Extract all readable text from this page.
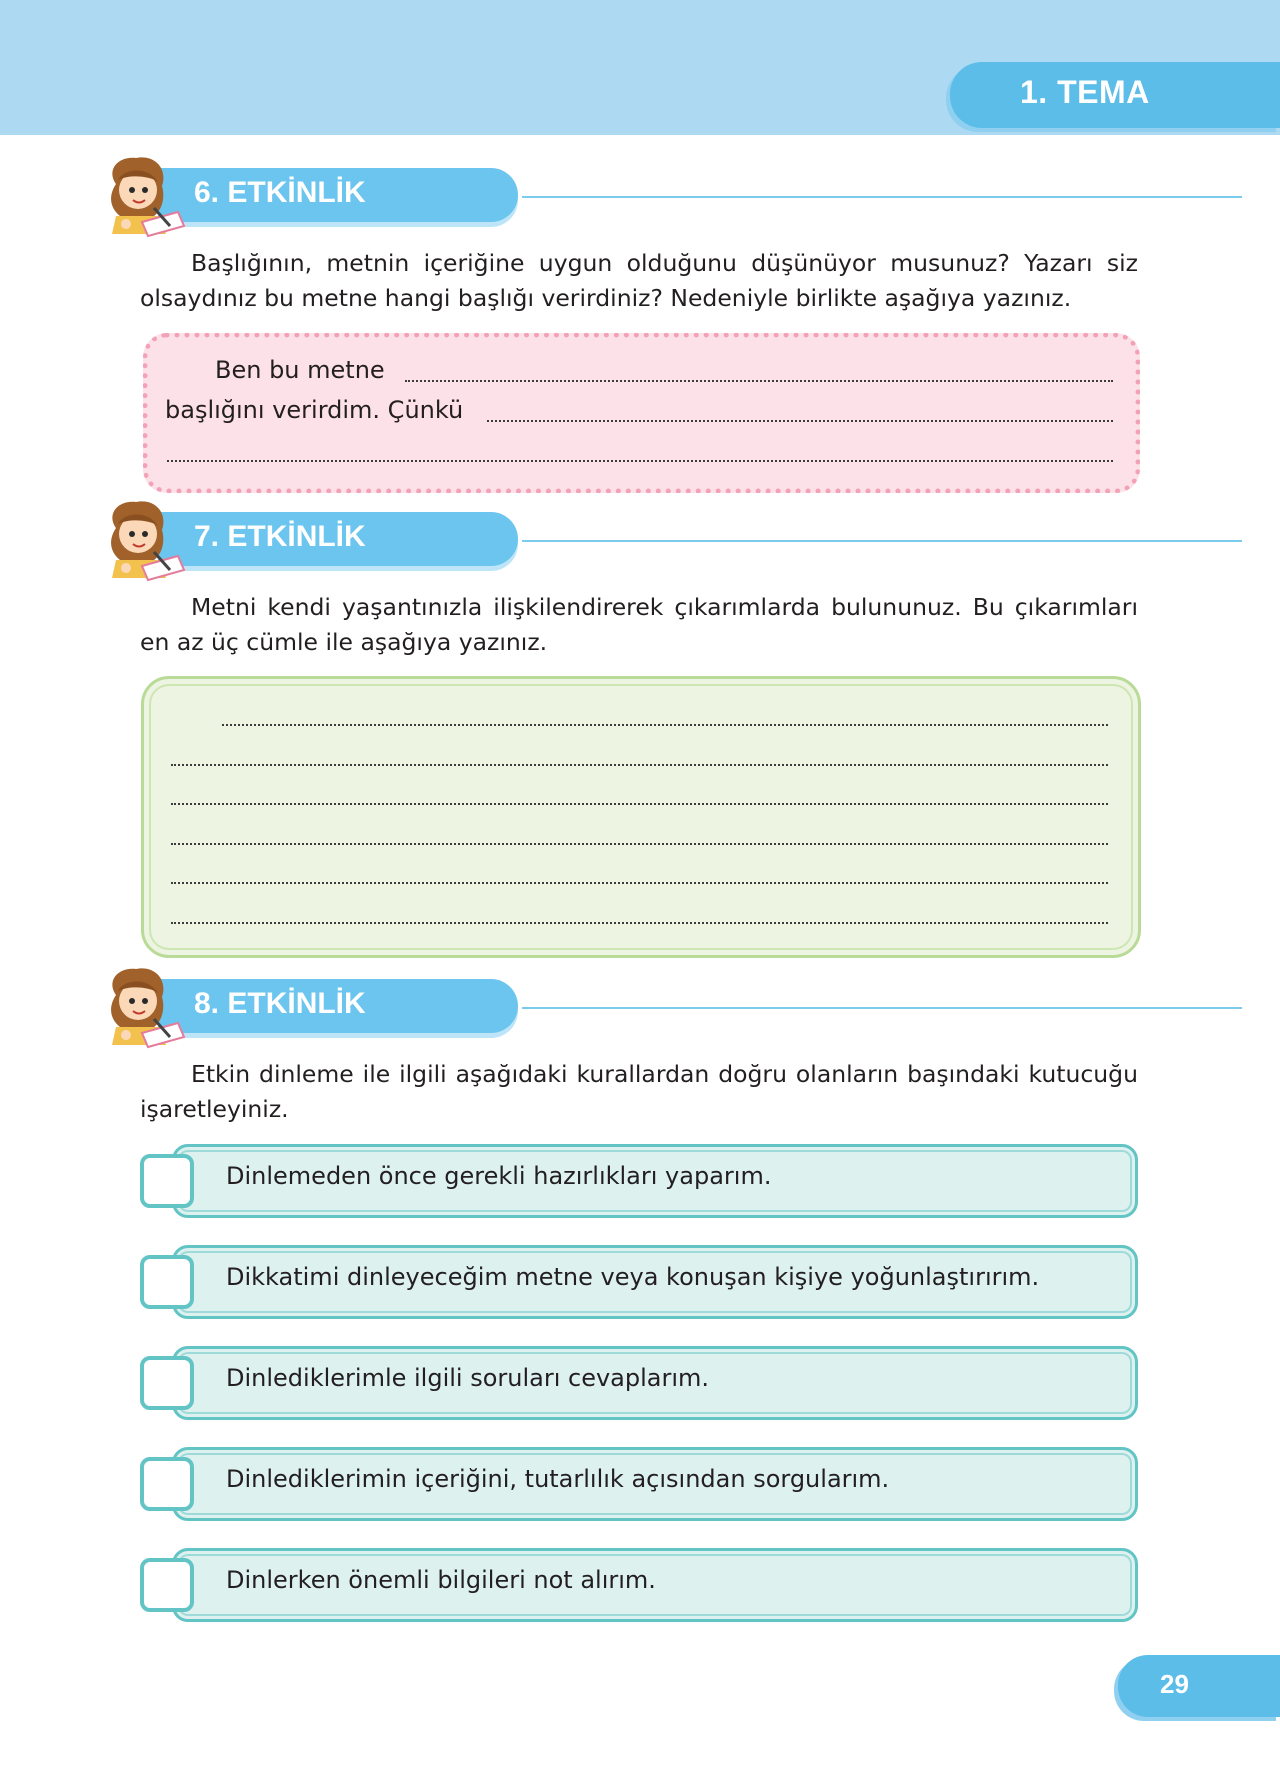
1. TEMA
6. ETKİNLİK

Başlığının, metnin içeriğine uygun olduğunu düşünüyor musunuz? Yazarı siz olsaydınız bu metne hangi başlığı verirdiniz? Nedeniyle birlikte aşağıya yazınız.

Ben bu metne
başlığını verirdim. Çünkü
7. ETKİNLİK

Metni kendi yaşantınızla ilişkilendirerek çıkarımlarda bulununuz. Bu çıkarımları en az üç cümle ile aşağıya yazınız.

8. ETKİNLİK

Etkin dinleme ile ilgili aşağıdaki kurallardan doğru olanların başındaki kutucuğu işaretleyiniz.

Dinlemeden önce gerekli hazırlıkları yaparım.
Dikkatimi dinleyeceğim metne veya konuşan kişiye yoğunlaştırırım.
Dinlediklerimle ilgili soruları cevaplarım.
Dinlediklerimin içeriğini, tutarlılık açısından sorgularım.
Dinlerken önemli bilgileri not alırım.
29
